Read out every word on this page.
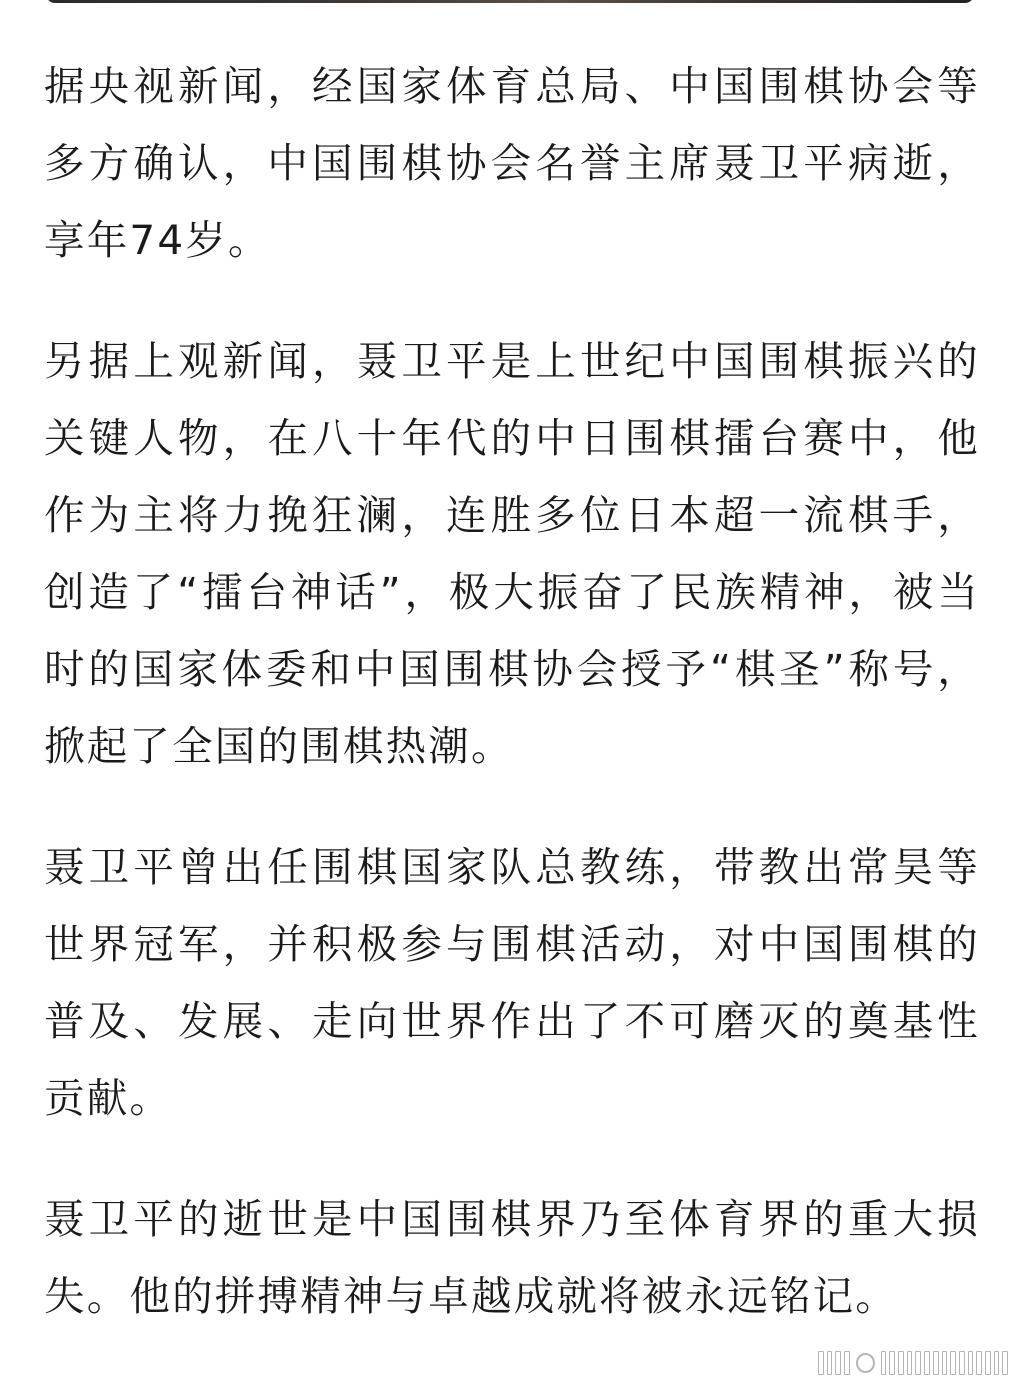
据央视新闻，经国家体育总局、中国围棋协会等多方确认，中国围棋协会名誉主席聂卫平病逝，享年74岁。

另据上观新闻，聂卫平是上世纪中国围棋振兴的关键人物，在八十年代的中日围棋擂台赛中，他作为主将力挽狂澜，连胜多位日本超一流棋手，创造了“擂台神话”，极大振奋了民族精神，被当时的国家体委和中国围棋协会授予“棋圣”称号，掀起了全国的围棋热潮。

聂卫平曾出任围棋国家队总教练，带教出常昊等世界冠军，并积极参与围棋活动，对中国围棋的普及、发展、走向世界作出了不可磨灭的奠基性贡献。

聂卫平的逝世是中国围棋界乃至体育界的重大损失。他的拼搏精神与卓越成就将被永远铭记。
